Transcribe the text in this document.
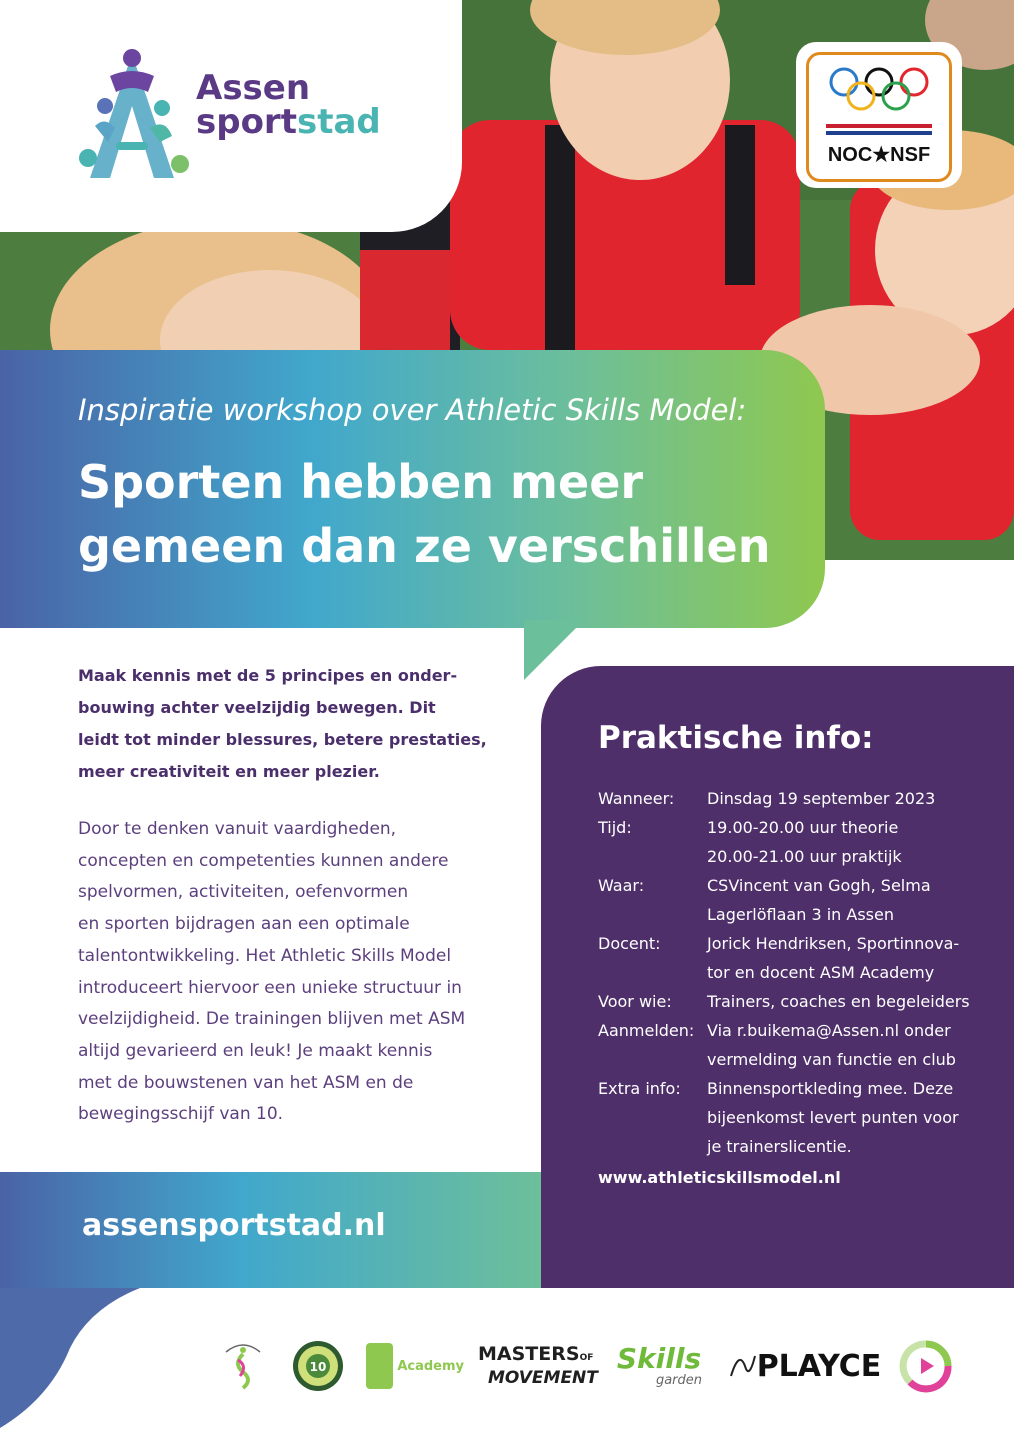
Assen
sportstad
NOC★NSF
Inspiratie workshop over Athletic Skills Model:
Sporten hebben meer
gemeen dan ze verschillen
Maak kennis met de 5 principes en onder-
bouwing achter veelzijdig bewegen. Dit
leidt tot minder blessures, betere prestaties,
meer creativiteit en meer plezier.
Door te denken vanuit vaardigheden,
concepten en competenties kunnen andere
spelvormen, activiteiten, oefenvormen
en sporten bijdragen aan een optimale
talentontwikkeling. Het Athletic Skills Model
introduceert hiervoor een unieke structuur in
veelzijdigheid. De trainingen blijven met ASM
altijd gevarieerd en leuk! Je maakt kennis
met de bouwstenen van het ASM en de
bewegingsschijf van 10.
Praktische info:
Wanneer: Dinsdag 19 september 2023
Tijd:	19.00-20.00 uur theorie
20.00-21.00 uur praktijk
Waar:	CSVincent van Gogh, Selma
Lagerlöflaan 3 in Assen
Docent:	Jorick Hendriksen, Sportinnova-
tor en docent ASM Academy
Voor wie: Trainers, coaches en begeleiders
Aanmelden: Via r.buikema@Assen.nl onder
vermelding van functie en club
Extra info: Binnensportkleding mee. Deze
bijeenkomst levert punten voor
je trainerslicentie.
www.athleticskillsmodel.nl
assensportstad.nl
10	Academy
MASTERSOF
MOVEMENT
Skills
garden PLAYCE
